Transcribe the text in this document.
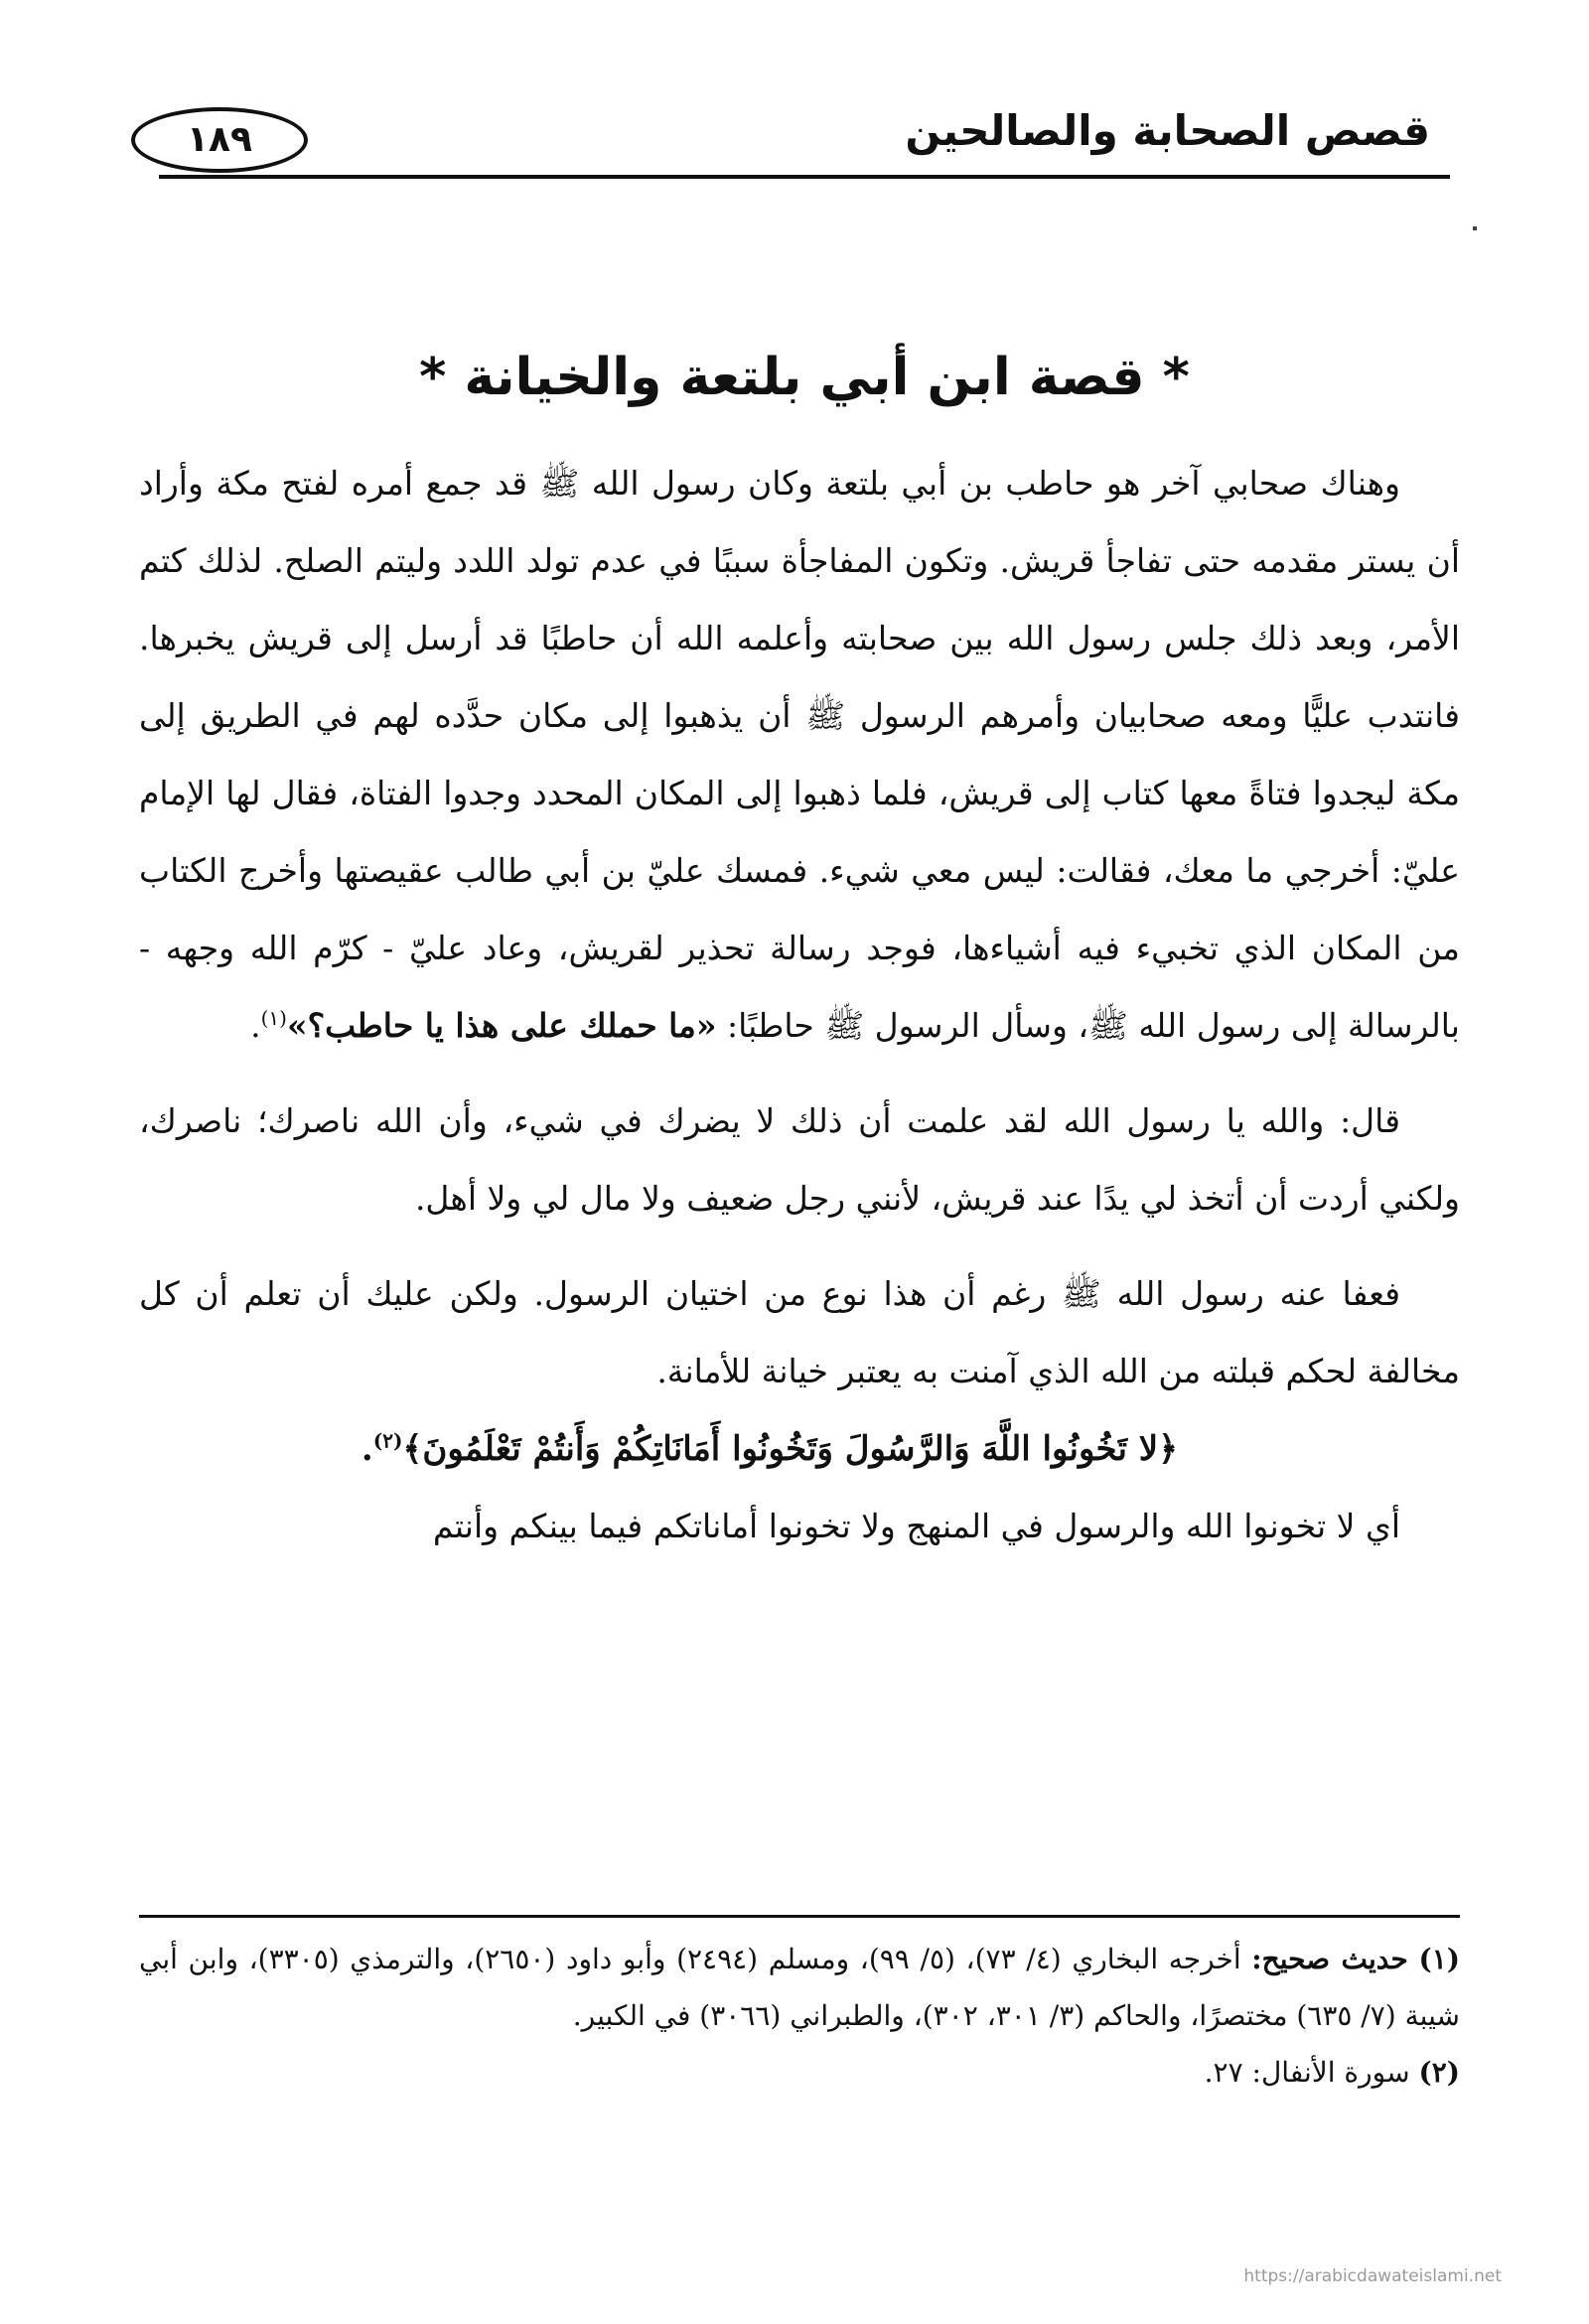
قصص الصحابة والصالحين
١٨٩
* قصة ابن أبي بلتعة والخيانة *

وهناك صحابي آخر هو حاطب بن أبي بلتعة وكان رسول الله ﷺ قد جمع أمره لفتح مكة وأراد أن يستر مقدمه حتى تفاجأ قريش. وتكون المفاجأة سببًا في عدم تولد اللدد وليتم الصلح. لذلك كتم الأمر، وبعد ذلك جلس رسول الله بين صحابته وأعلمه الله أن حاطبًا قد أرسل إلى قريش يخبرها. فانتدب عليًّا ومعه صحابيان وأمرهم الرسول ﷺ أن يذهبوا إلى مكان حدَّده لهم في الطريق إلى مكة ليجدوا فتاةً معها كتاب إلى قريش، فلما ذهبوا إلى المكان المحدد وجدوا الفتاة، فقال لها الإمام عليّ: أخرجي ما معك، فقالت: ليس معي شيء. فمسك عليّ بن أبي طالب عقيصتها وأخرج الكتاب من المكان الذي تخبيء فيه أشياءها، فوجد رسالة تحذير لقريش، وعاد عليّ - كرّم الله وجهه - بالرسالة إلى رسول الله ﷺ، وسأل الرسول ﷺ حاطبًا: «ما حملك على هذا يا حاطب؟»$^{(١)}$.

قال: والله يا رسول الله لقد علمت أن ذلك لا يضرك في شيء، وأن الله ناصرك؛ ناصرك، ولكني أردت أن أتخذ لي يدًا عند قريش، لأنني رجل ضعيف ولا مال لي ولا أهل.

فعفا عنه رسول الله ﷺ رغم أن هذا نوع من اختيان الرسول. ولكن عليك أن تعلم أن كل مخالفة لحكم قبلته من الله الذي آمنت به يعتبر خيانة للأمانة.

﴿لا تَخُونُوا اللَّهَ وَالرَّسُولَ وَتَخُونُوا أَمَانَاتِكُمْ وَأَنتُمْ تَعْلَمُونَ﴾$^{(٢)}$.

أي لا تخونوا الله والرسول في المنهج ولا تخونوا أماناتكم فيما بينكم وأنتم

(١) حديث صحيح: أخرجه البخاري (٤/ ٧٣)، (٥/ ٩٩)، ومسلم (٢٤٩٤) وأبو داود (٢٦٥٠)، والترمذي (٣٣٠٥)، وابن أبي شيبة (٧/ ٦٣٥) مختصرًا، والحاكم (٣/ ٣٠١، ٣٠٢)، والطبراني (٣٠٦٦) في الكبير.

(٢) سورة الأنفال: ٢٧.

https://arabicdawateislami.net
